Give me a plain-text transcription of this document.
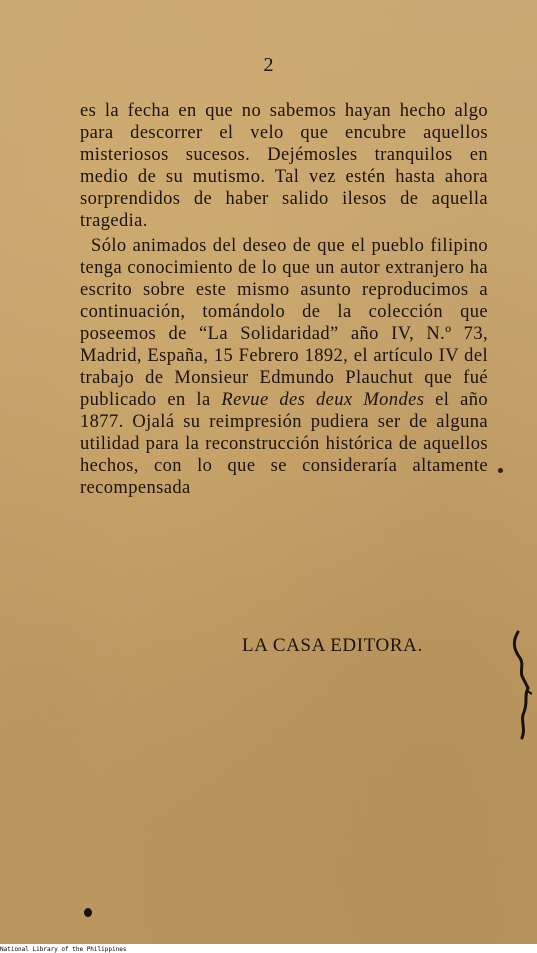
2

es la fecha en que no sabemos hayan hecho algo para descorrer el velo que encubre aquellos misteriosos sucesos. Dejémosles tranquilos en medio de su mutismo. Tal vez estén hasta ahora sorprendidos de haber salido ilesos de aquella tragedia.

Sólo animados del deseo de que el pueblo filipino tenga conocimiento de lo que un autor extranjero ha escrito sobre este mismo asunto reproducimos a continuación, tomándolo de la colección que poseemos de “La Solidaridad” año IV, N.º 73, Madrid, España, 15 Febrero 1892, el artículo IV del trabajo de Monsieur Edmundo Plauchut que fué publicado en la Revue des deux Mondes el año 1877. Ojalá su reimpresión pudiera ser de alguna utilidad para la reconstrucción histórica de aquellos hechos, con lo que se consideraría altamente recompensada

LA CASA EDITORA.
National Library of the Philippines
